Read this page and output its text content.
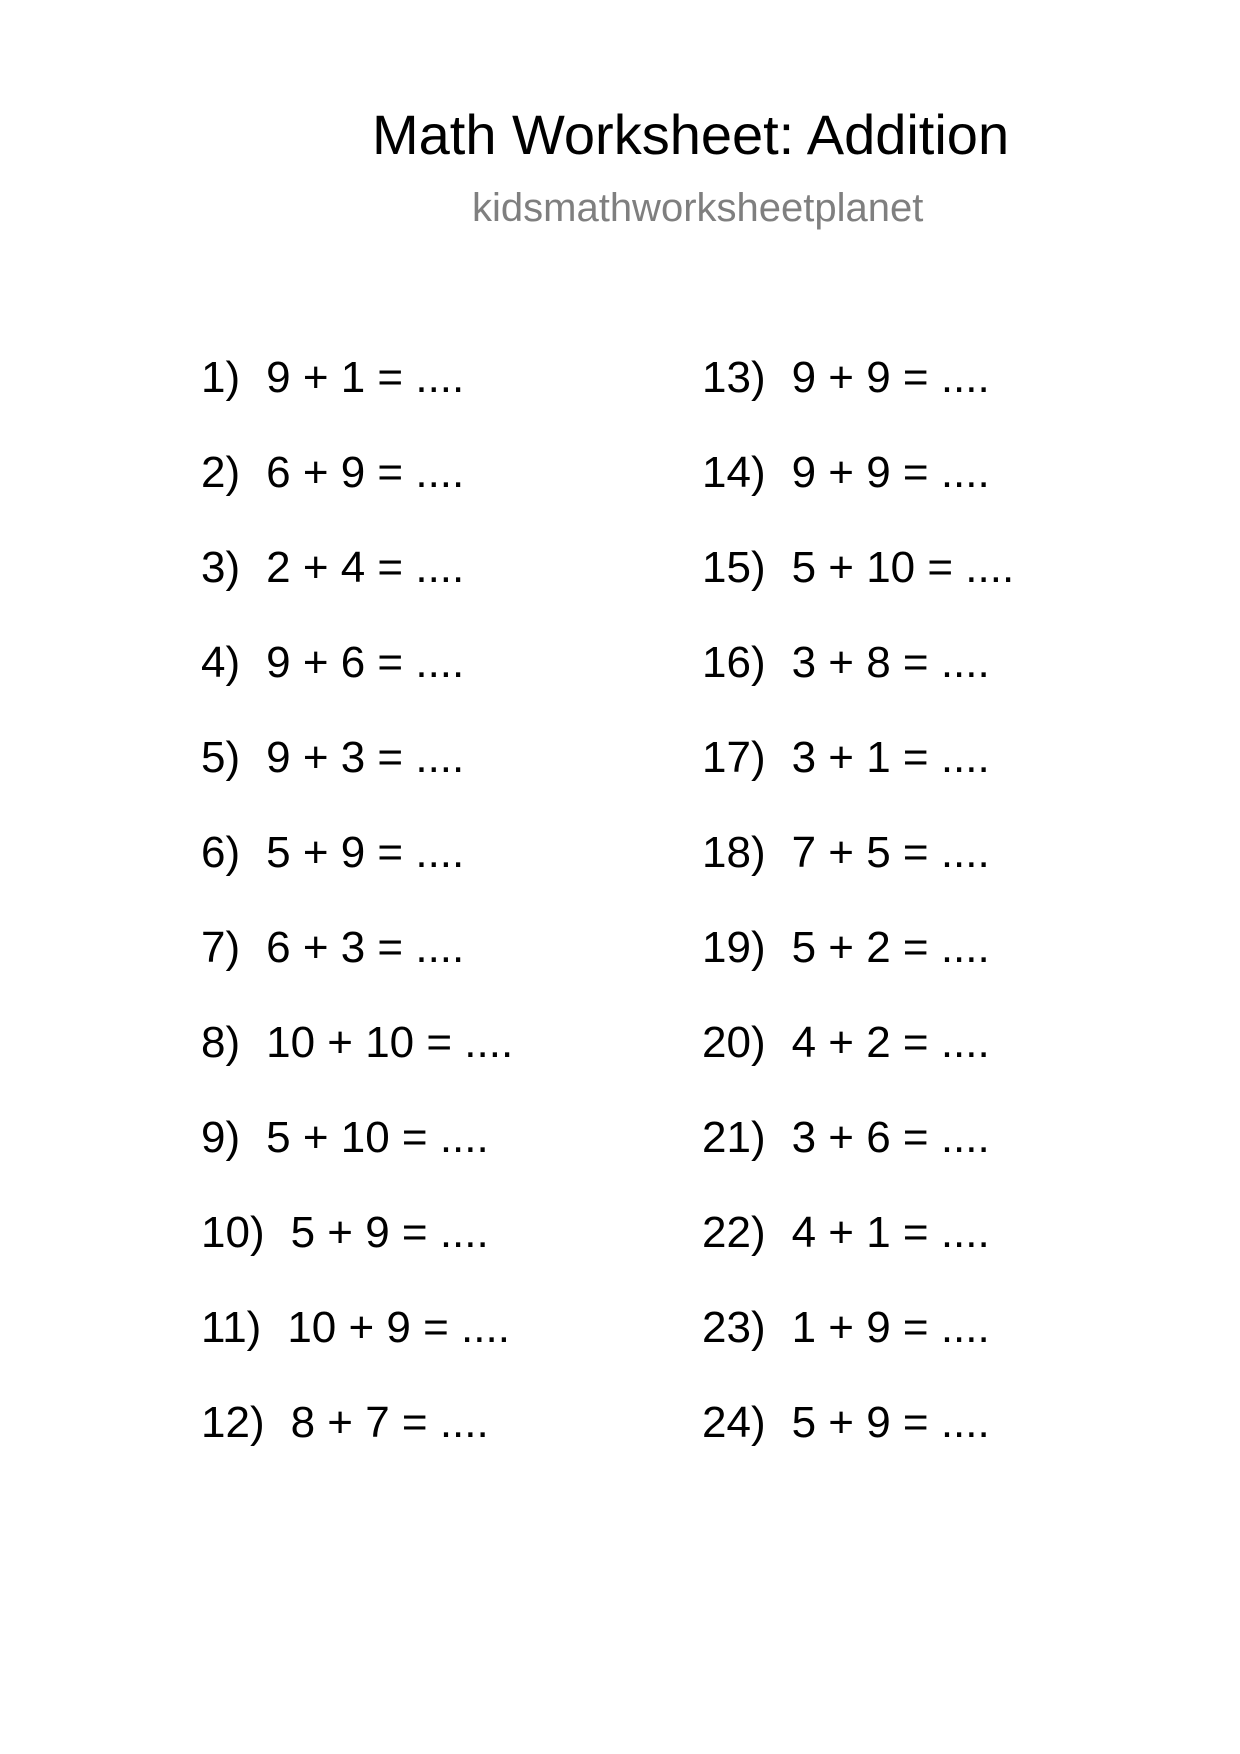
Math Worksheet: Addition
kidsmathworksheetplanet
1) 9 + 1 = ....
2) 6 + 9 = ....
3) 2 + 4 = ....
4) 9 + 6 = ....
5) 9 + 3 = ....
6) 5 + 9 = ....
7) 6 + 3 = ....
8) 10 + 10 = ....
9) 5 + 10 = ....
10) 5 + 9 = ....
11) 10 + 9 = ....
12) 8 + 7 = ....
13) 9 + 9 = ....
14) 9 + 9 = ....
15) 5 + 10 = ....
16) 3 + 8 = ....
17) 3 + 1 = ....
18) 7 + 5 = ....
19) 5 + 2 = ....
20) 4 + 2 = ....
21) 3 + 6 = ....
22) 4 + 1 = ....
23) 1 + 9 = ....
24) 5 + 9 = ....
